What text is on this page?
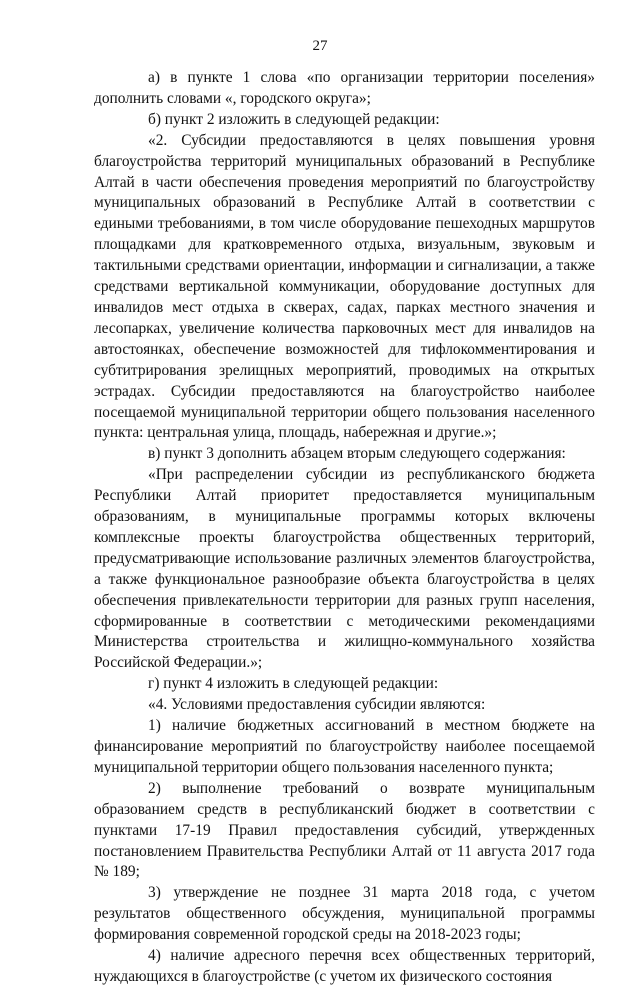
27

а) в пункте 1 слова «по организации территории поселения» дополнить словами «, городского округа»;

б) пункт 2 изложить в следующей редакции:

«2. Субсидии предоставляются в целях повышения уровня благоустройства территорий муниципальных образований в Республике Алтай в части обеспечения проведения мероприятий по благоустройству муниципальных образований в Республике Алтай в соответствии с едиными требованиями, в том числе оборудование пешеходных маршрутов площадками для кратковременного отдыха, визуальным, звуковым и тактильными средствами ориентации, информации и сигнализации, а также средствами вертикальной коммуникации, оборудование доступных для инвалидов мест отдыха в скверах, садах, парках местного значения и лесопарках, увеличение количества парковочных мест для инвалидов на автостоянках, обеспечение возможностей для тифлокомментирования и субтитрирования зрелищных мероприятий, проводимых на открытых эстрадах. Субсидии предоставляются на благоустройство наиболее посещаемой муниципальной территории общего пользования населенного пункта: центральная улица, площадь, набережная и другие.»;

в) пункт 3 дополнить абзацем вторым следующего содержания:

«При распределении субсидии из республиканского бюджета Республики Алтай приоритет предоставляется муниципальным образованиям, в муниципальные программы которых включены комплексные проекты благоустройства общественных территорий, предусматривающие использование различных элементов благоустройства, а также функциональное разнообразие объекта благоустройства в целях обеспечения привлекательности территории для разных групп населения, сформированные в соответствии с методическими рекомендациями Министерства строительства и жилищно-коммунального хозяйства Российской Федерации.»;

г) пункт 4 изложить в следующей редакции:

«4. Условиями предоставления субсидии являются:

1) наличие бюджетных ассигнований в местном бюджете на финансирование мероприятий по благоустройству наиболее посещаемой муниципальной территории общего пользования населенного пункта;

2) выполнение требований о возврате муниципальным образованием средств в республиканский бюджет в соответствии с пунктами 17-19 Правил предоставления субсидий, утвержденных постановлением Правительства Республики Алтай от 11 августа 2017 года № 189;

3) утверждение не позднее 31 марта 2018 года, с учетом результатов общественного обсуждения, муниципальной программы формирования современной городской среды на 2018-2023 годы;

4) наличие адресного перечня всех общественных территорий, нуждающихся в благоустройстве (с учетом их физического состояния
